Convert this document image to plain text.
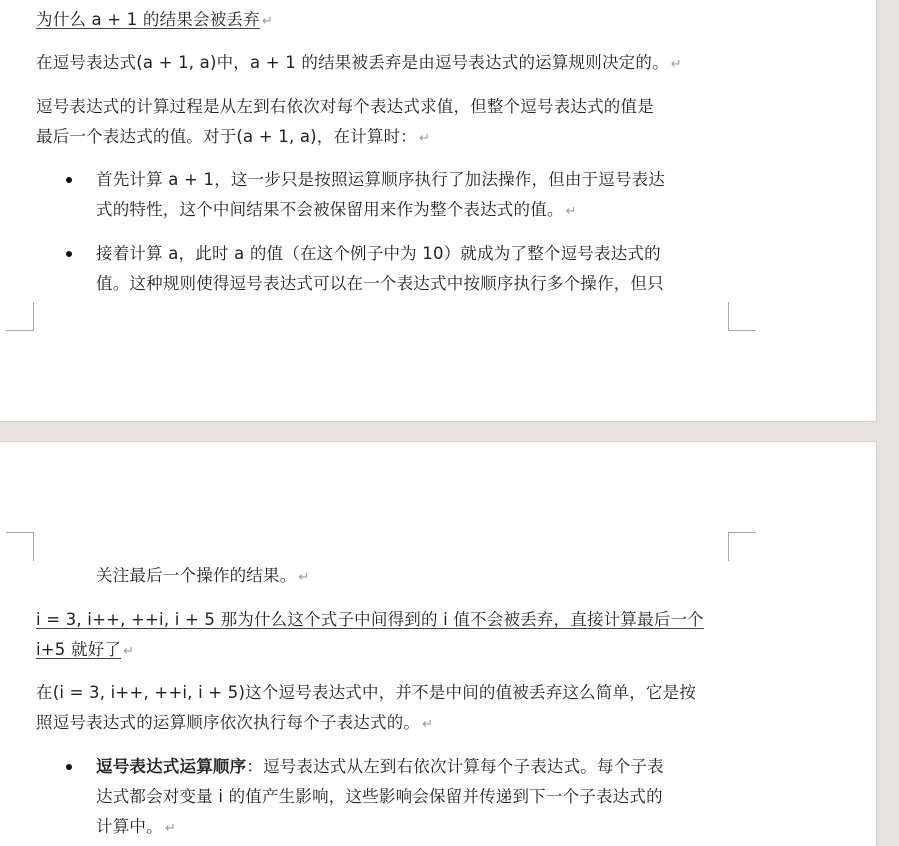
为什么 a + 1 的结果会被丢弃 ↵
在逗号表达式(a + 1, a)中，a + 1 的结果被丢弃是由逗号表达式的运算规则决定的。 ↵
逗号表达式的计算过程是从左到右依次对每个表达式求值，但整个逗号表达式的值是
最后一个表达式的值。对于(a + 1, a)，在计算时： ↵
首先计算 a + 1，这一步只是按照运算顺序执行了加法操作，但由于逗号表达
式的特性，这个中间结果不会被保留用来作为整个表达式的值。 ↵
接着计算 a，此时 a 的值（在这个例子中为 10）就成为了整个逗号表达式的
值。这种规则使得逗号表达式可以在一个表达式中按顺序执行多个操作，但只
关注最后一个操作的结果。 ↵
i = 3, i++, ++i, i + 5 那为什么这个式子中间得到的 i 值不会被丢弃，直接计算最后一个
i+5 就好了 ↵
在(i = 3, i++, ++i, i + 5)这个逗号表达式中，并不是中间的值被丢弃这么简单，它是按
照逗号表达式的运算顺序依次执行每个子表达式的。 ↵
逗号表达式运算顺序：逗号表达式从左到右依次计算每个子表达式。每个子表
达式都会对变量 i 的值产生影响，这些影响会保留并传递到下一个子表达式的
计算中。 ↵
